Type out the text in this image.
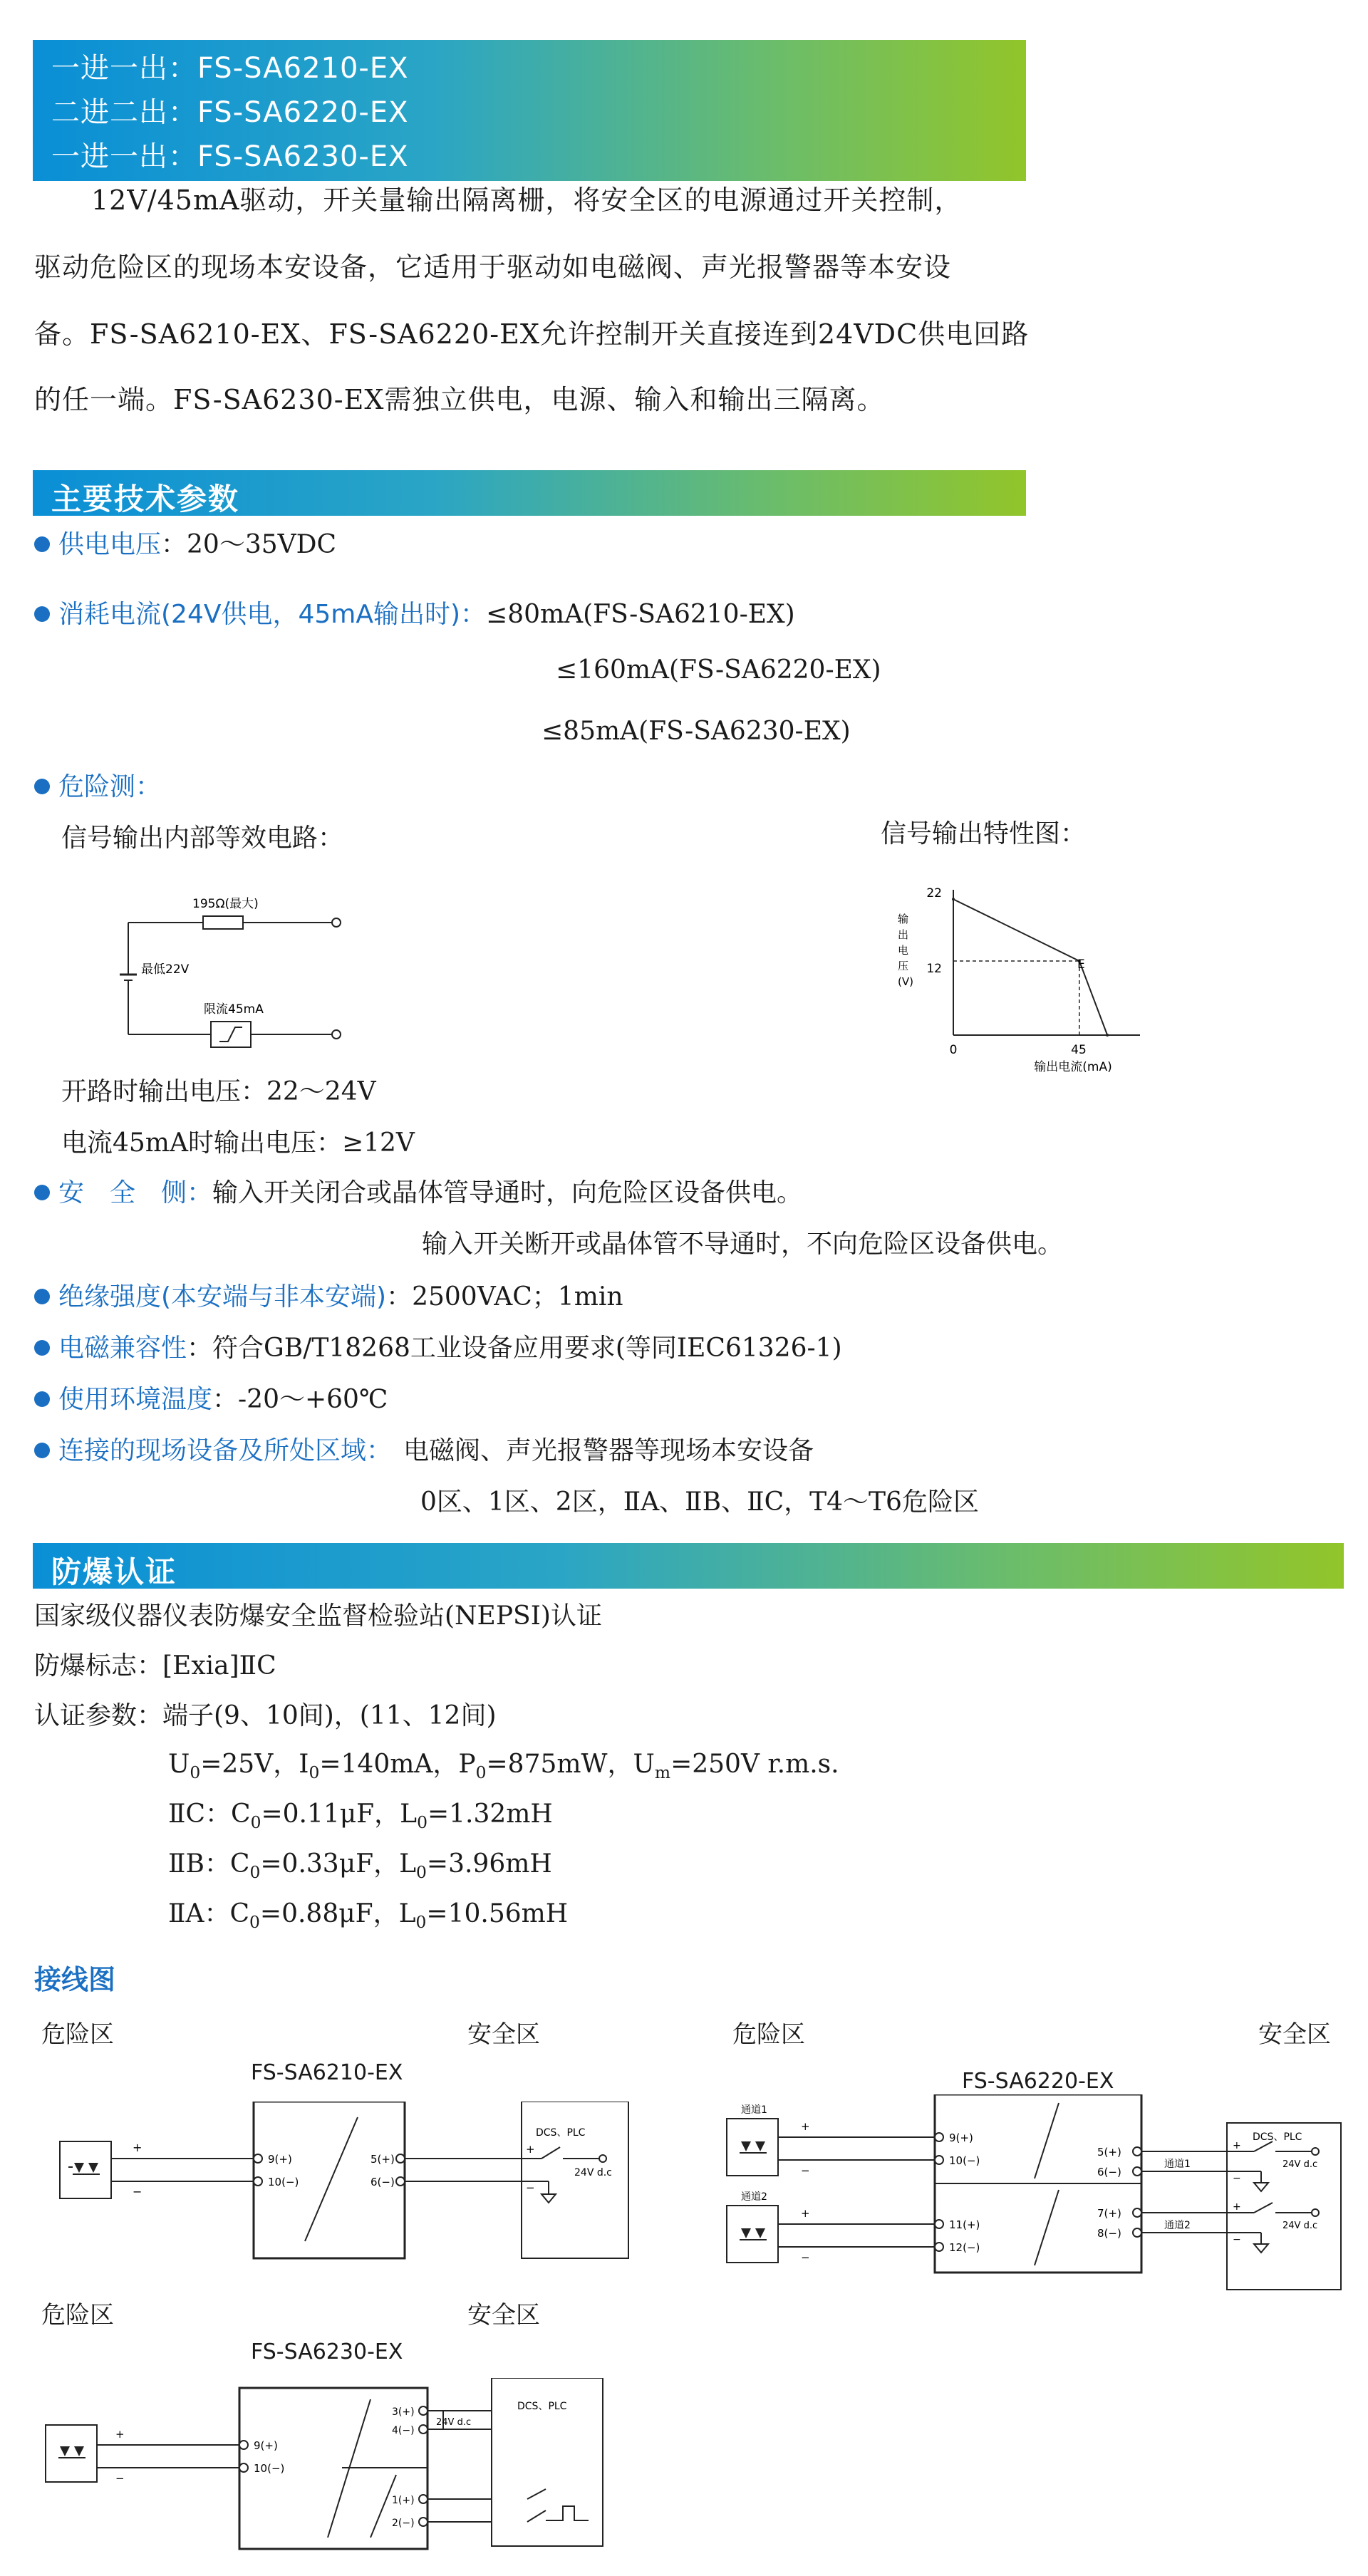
一进一出：FS-SA6210-EX
二进二出：FS-SA6220-EX
一进一出：FS-SA6230-EX
12V/45mA驱动，开关量输出隔离栅，将安全区的电源通过开关控制，
驱动危险区的现场本安设备，它适用于驱动如电磁阀、声光报警器等本安设
备。FS-SA6210-EX、FS-SA6220-EX允许控制开关直接连到24VDC供电回路
的任一端。FS-SA6230-EX需独立供电，电源、输入和输出三隔离。
主要技术参数
供电电压：20～35VDC
消耗电流(24V供电，45mA输出时)：≤80mA(FS-SA6210-EX)
≤160mA(FS-SA6220-EX)
≤85mA(FS-SA6230-EX)
危险测：
信号输出内部等效电路：	信号输出特性图：
195Ω(最大)
最低22V
限流45mA
输
出
电
压
(V)
22
12
0	45
输出电流(mA)
E
开路时输出电压：22～24V
电流45mA时输出电压：≥12V
安　全　侧：输入开关闭合或晶体管导通时，向危险区设备供电。
输入开关断开或晶体管不导通时，不向危险区设备供电。
绝缘强度(本安端与非本安端)：2500VAC；1min
电磁兼容性：符合GB/T18268工业设备应用要求(等同IEC61326-1)
使用环境温度：-20～+60℃
连接的现场设备及所处区域： 电磁阀、声光报警器等现场本安设备
0区、1区、2区，ⅡA、ⅡB、ⅡC，T4～T6危险区
防爆认证
国家级仪器仪表防爆安全监督检验站(NEPSI)认证
防爆标志：[Exia]ⅡC
认证参数：端子(9、10间)，(11、12间)
$U_0=25V$，$I_0=140mA$，$P_0=875mW$，$U_m=250V$ r.m.s.
ⅡC：$C_0=0.11\mu F$，$L_0=1.32mH$
ⅡB：$C_0=0.33\mu F$，$L_0=3.96mH$
ⅡA：$C_0=0.88\mu F$，$L_0=10.56mH$
接线图
危险区	安全区
FS-SA6210-EX
+
−
9(+)
10(−)
5(+)
6(−)
DCS、PLC
+
−
24V d.c
危险区	安全区
FS-SA6220-EX
通道1
通道2
+
−
+
−
9(+)
10(−)
11(+)
12(−)
5(+)
6(−)
7(+)
8(−)
通道1
通道2
DCS、PLC
+
+
−
−
24V d.c
24V d.c
危险区	安全区
FS-SA6230-EX
+
−
9(+)
10(−)
3(+)
4(−)
1(+)
2(−)
24V d.c
DCS、PLC
